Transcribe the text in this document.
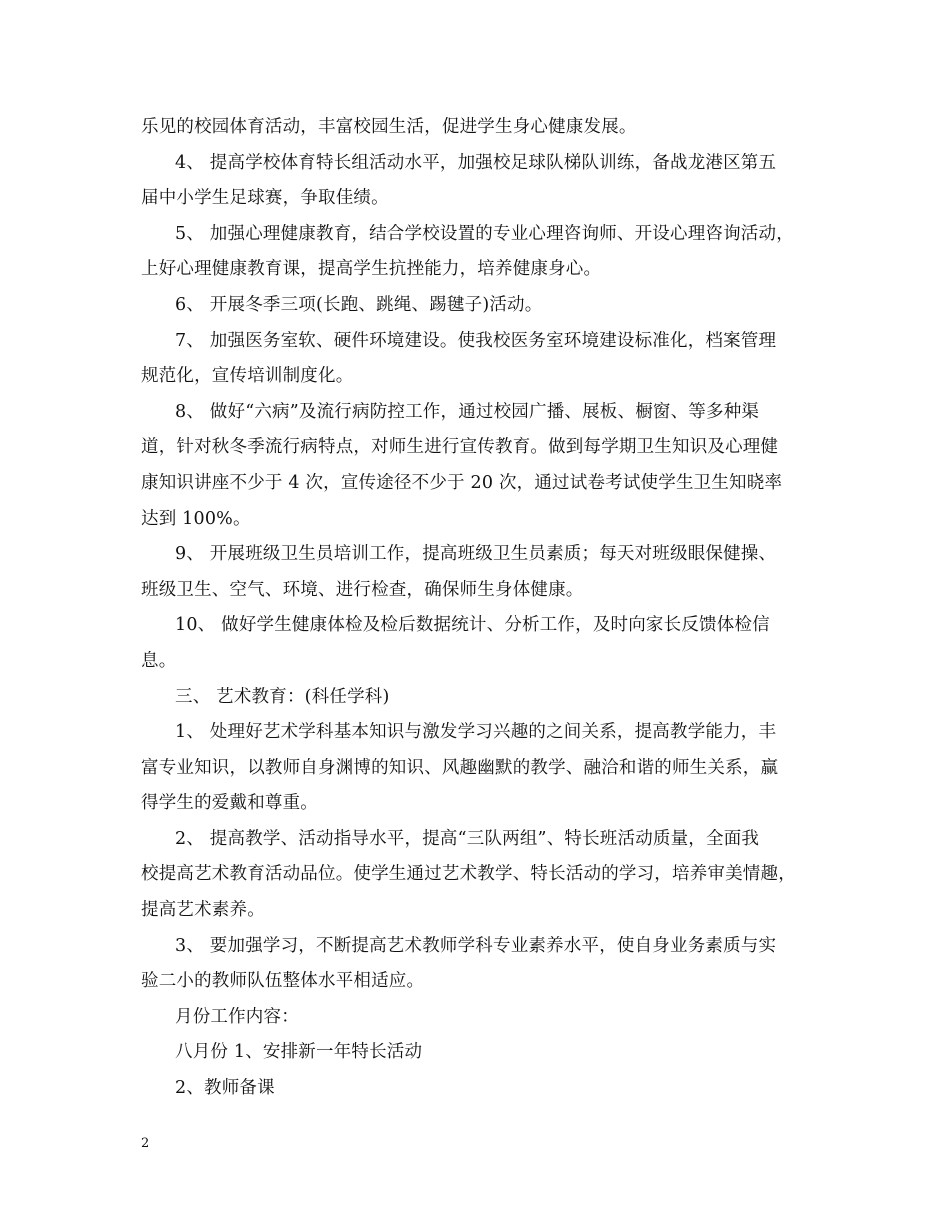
乐见的校园体育活动，丰富校园生活，促进学生身心健康发展。
4、 提高学校体育特长组活动水平，加强校足球队梯队训练，备战龙港区第五
届中小学生足球赛，争取佳绩。
5、 加强心理健康教育，结合学校设置的专业心理咨询师、开设心理咨询活动，
上好心理健康教育课，提高学生抗挫能力，培养健康身心。
6、 开展冬季三项(长跑、跳绳、踢毽子)活动。
7、 加强医务室软、硬件环境建设。使我校医务室环境建设标准化，档案管理
规范化，宣传培训制度化。
8、 做好“六病”及流行病防控工作，通过校园广播、展板、橱窗、等多种渠
道，针对秋冬季流行病特点，对师生进行宣传教育。做到每学期卫生知识及心理健
康知识讲座不少于 4 次，宣传途径不少于 20 次，通过试卷考试使学生卫生知晓率
达到 100%。
9、 开展班级卫生员培训工作，提高班级卫生员素质；每天对班级眼保健操、
班级卫生、空气、环境、进行检查，确保师生身体健康。
10、 做好学生健康体检及检后数据统计、分析工作，及时向家长反馈体检信
息。
三、 艺术教育：(科任学科)
1、 处理好艺术学科基本知识与激发学习兴趣的之间关系，提高教学能力，丰
富专业知识，以教师自身渊博的知识、风趣幽默的教学、融洽和谐的师生关系，赢
得学生的爱戴和尊重。
2、 提高教学、活动指导水平，提高“三队两组”、特长班活动质量，全面我
校提高艺术教育活动品位。使学生通过艺术教学、特长活动的学习，培养审美情趣，
提高艺术素养。
3、 要加强学习，不断提高艺术教师学科专业素养水平，使自身业务素质与实
验二小的教师队伍整体水平相适应。
月份工作内容：
八月份 1、安排新一年特长活动
2、教师备课
2
